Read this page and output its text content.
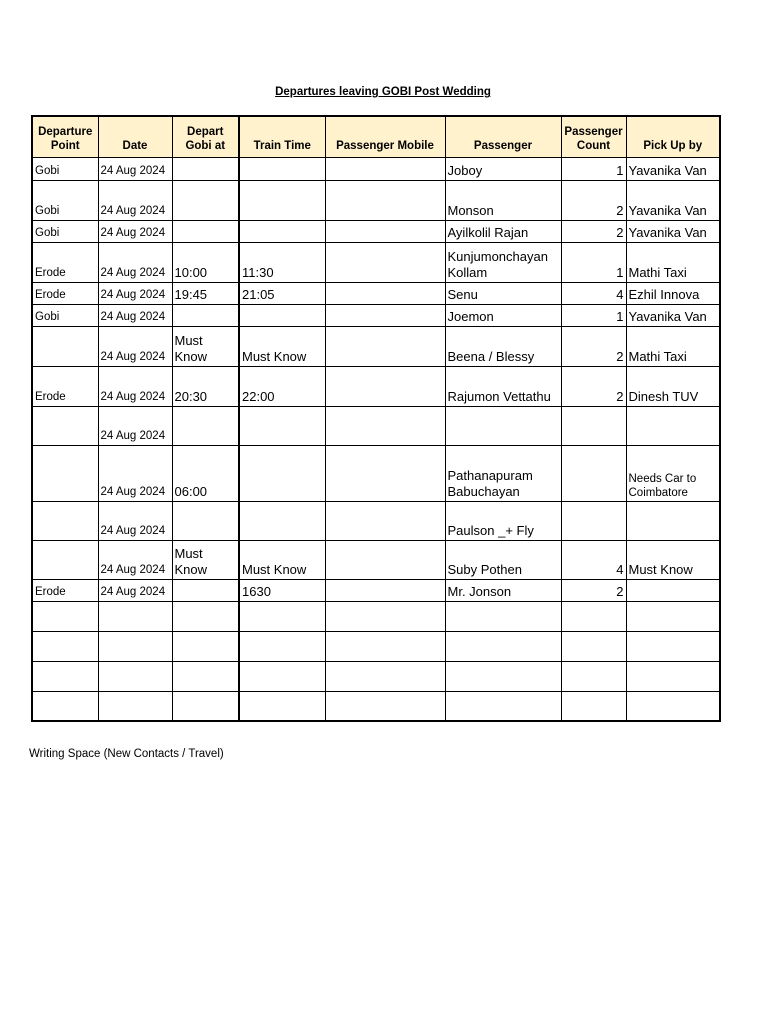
Departures leaving GOBI Post Wedding
Departure Point	Date	Depart Gobi at	Train Time	Passenger Mobile	Passenger	Passenger Count	Pick Up by
Gobi	24 Aug 2024				Joboy	1	Yavanika Van
Gobi	24 Aug 2024				Monson	2	Yavanika Van
Gobi	24 Aug 2024				Ayilkolil Rajan	2	Yavanika Van
Erode	24 Aug 2024	10:00	11:30		Kunjumonchayan Kollam	1	Mathi Taxi
Erode	24 Aug 2024	19:45	21:05		Senu	4	Ezhil Innova
Gobi	24 Aug 2024				Joemon	1	Yavanika Van
	24 Aug 2024	Must Know	Must Know		Beena / Blessy	2	Mathi Taxi
Erode	24 Aug 2024	20:30	22:00		Rajumon Vettathu	2	Dinesh TUV
	24 Aug 2024						
	24 Aug 2024	06:00			Pathanapuram Babuchayan		Needs Car to Coimbatore
	24 Aug 2024				Paulson _+ Fly		
	24 Aug 2024	Must Know	Must Know		Suby Pothen	4	Must Know
Erode	24 Aug 2024		1630		Mr. Jonson	2	

Writing Space (New Contacts / Travel)
